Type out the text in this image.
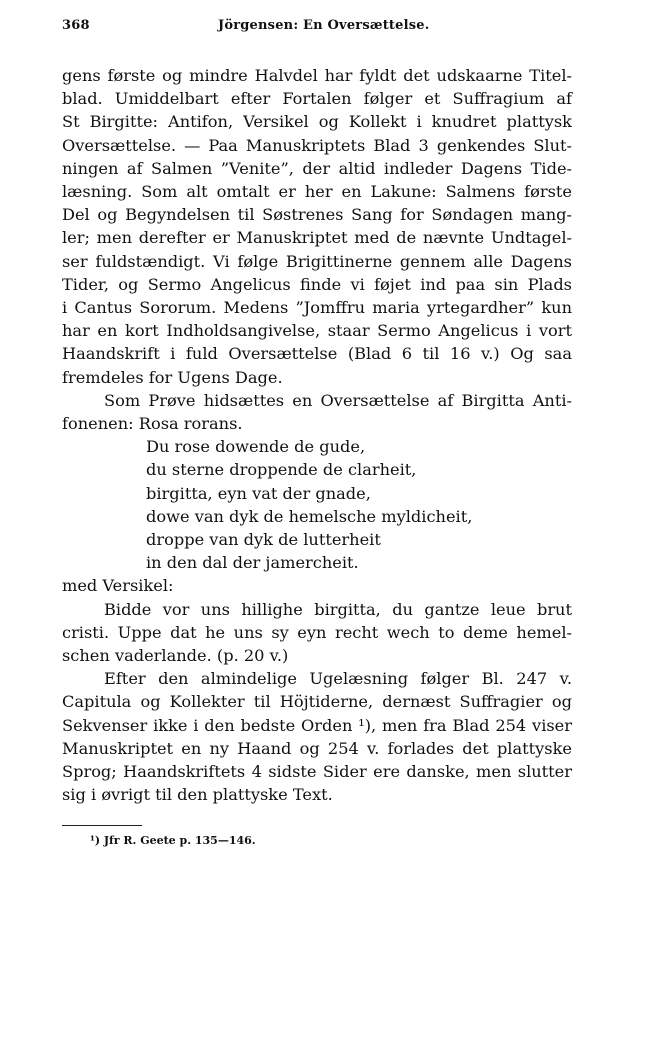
368	Jörgensen: En Oversættelse.
gens første og mindre Halvdel har fyldt det udskaarne Titel-
blad. Umiddelbart efter Fortalen følger et Suffragium af
St Birgitte: Antifon, Versikel og Kollekt i knudret plattysk
Oversættelse. — Paa Manuskriptets Blad 3 genkendes Slut-
ningen af Salmen ”Venite”, der altid indleder Dagens Tide-
læsning. Som alt omtalt er her en Lakune: Salmens første
Del og Begyndelsen til Søstrenes Sang for Søndagen mang-
ler; men derefter er Manuskriptet med de nævnte Undtagel-
ser fuldstændigt. Vi følge Brigittinerne gennem alle Dagens
Tider, og Sermo Angelicus finde vi føjet ind paa sin Plads
i Cantus Sororum. Medens ”Jomffru maria yrtegardher” kun
har en kort Indholdsangivelse, staar Sermo Angelicus i vort
Haandskrift i fuld Oversættelse (Blad 6 til 16 v.) Og saa
fremdeles for Ugens Dage.
Som Prøve hidsættes en Oversættelse af Birgitta Anti-
fonenen: Rosa rorans.
Du rose dowende de gude,
du sterne droppende de clarheit,
birgitta, eyn vat der gnade,
dowe van dyk de hemelsche myldicheit,
droppe van dyk de lutterheit
in den dal der jamercheit.
med Versikel:
Bidde vor uns hillighe birgitta, du gantze leue brut
cristi. Uppe dat he uns sy eyn recht wech to deme hemel-
schen vaderlande. (p. 20 v.)
Efter den almindelige Ugelæsning følger Bl. 247 v.
Capitula og Kollekter til Höjtiderne, dernæst Suffragier og
Sekvenser ikke i den bedste Orden ¹), men fra Blad 254 viser
Manuskriptet en ny Haand og 254 v. forlades det plattyske
Sprog; Haandskriftets 4 sidste Sider ere danske, men slutter
sig i øvrigt til den plattyske Text.
¹) Jfr R. Geete p. 135—146.
